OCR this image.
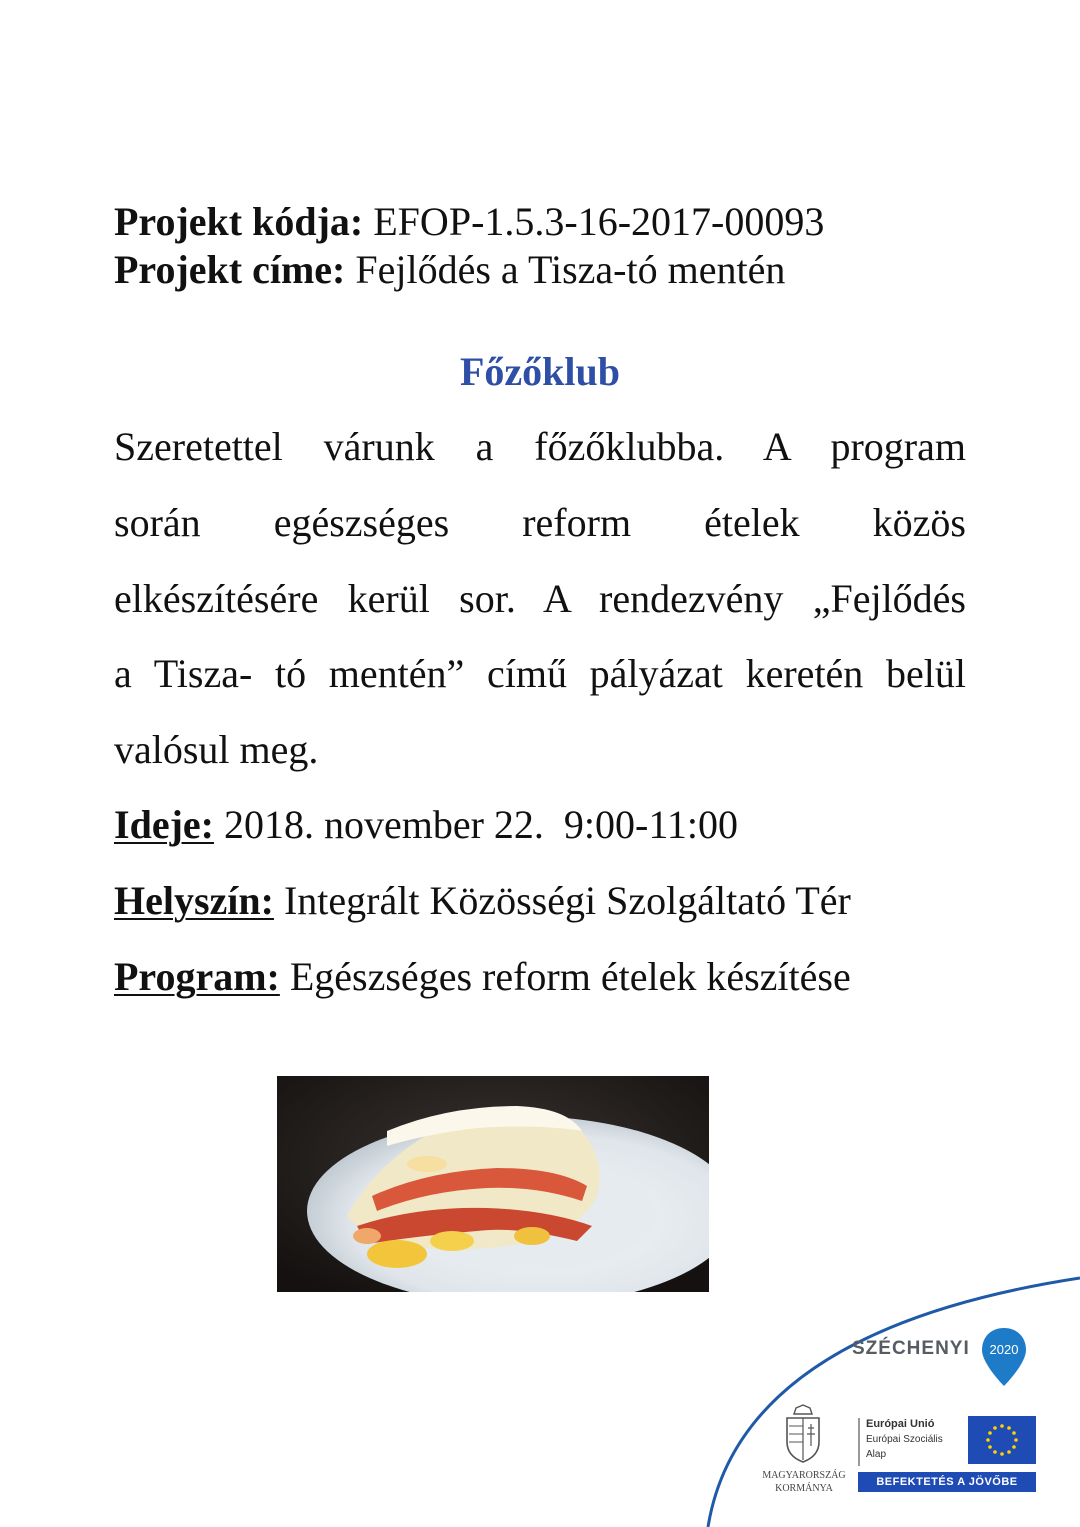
Projekt kódja: EFOP-1.5.3-16-2017-00093
Projekt címe: Fejlődés a Tisza-tó mentén
Főzőklub
Szeretettel várunk a főzőklubba. A program
során egészséges reform ételek közös
elkészítésére kerül sor. A rendezvény „Fejlődés
a Tisza- tó mentén” című pályázat keretén belül
valósul meg.
Ideje: 2018. november 22.  9:00-11:00
Helyszín: Integrált Közösségi Szolgáltató Tér
Program: Egészséges reform ételek készítése
SZÉCHENYI	2020
MAGYARORSZÁG
KORMÁNYA
Európai Unió
Európai Szociális
Alap
BEFEKTETÉS A JÖVŐBE
